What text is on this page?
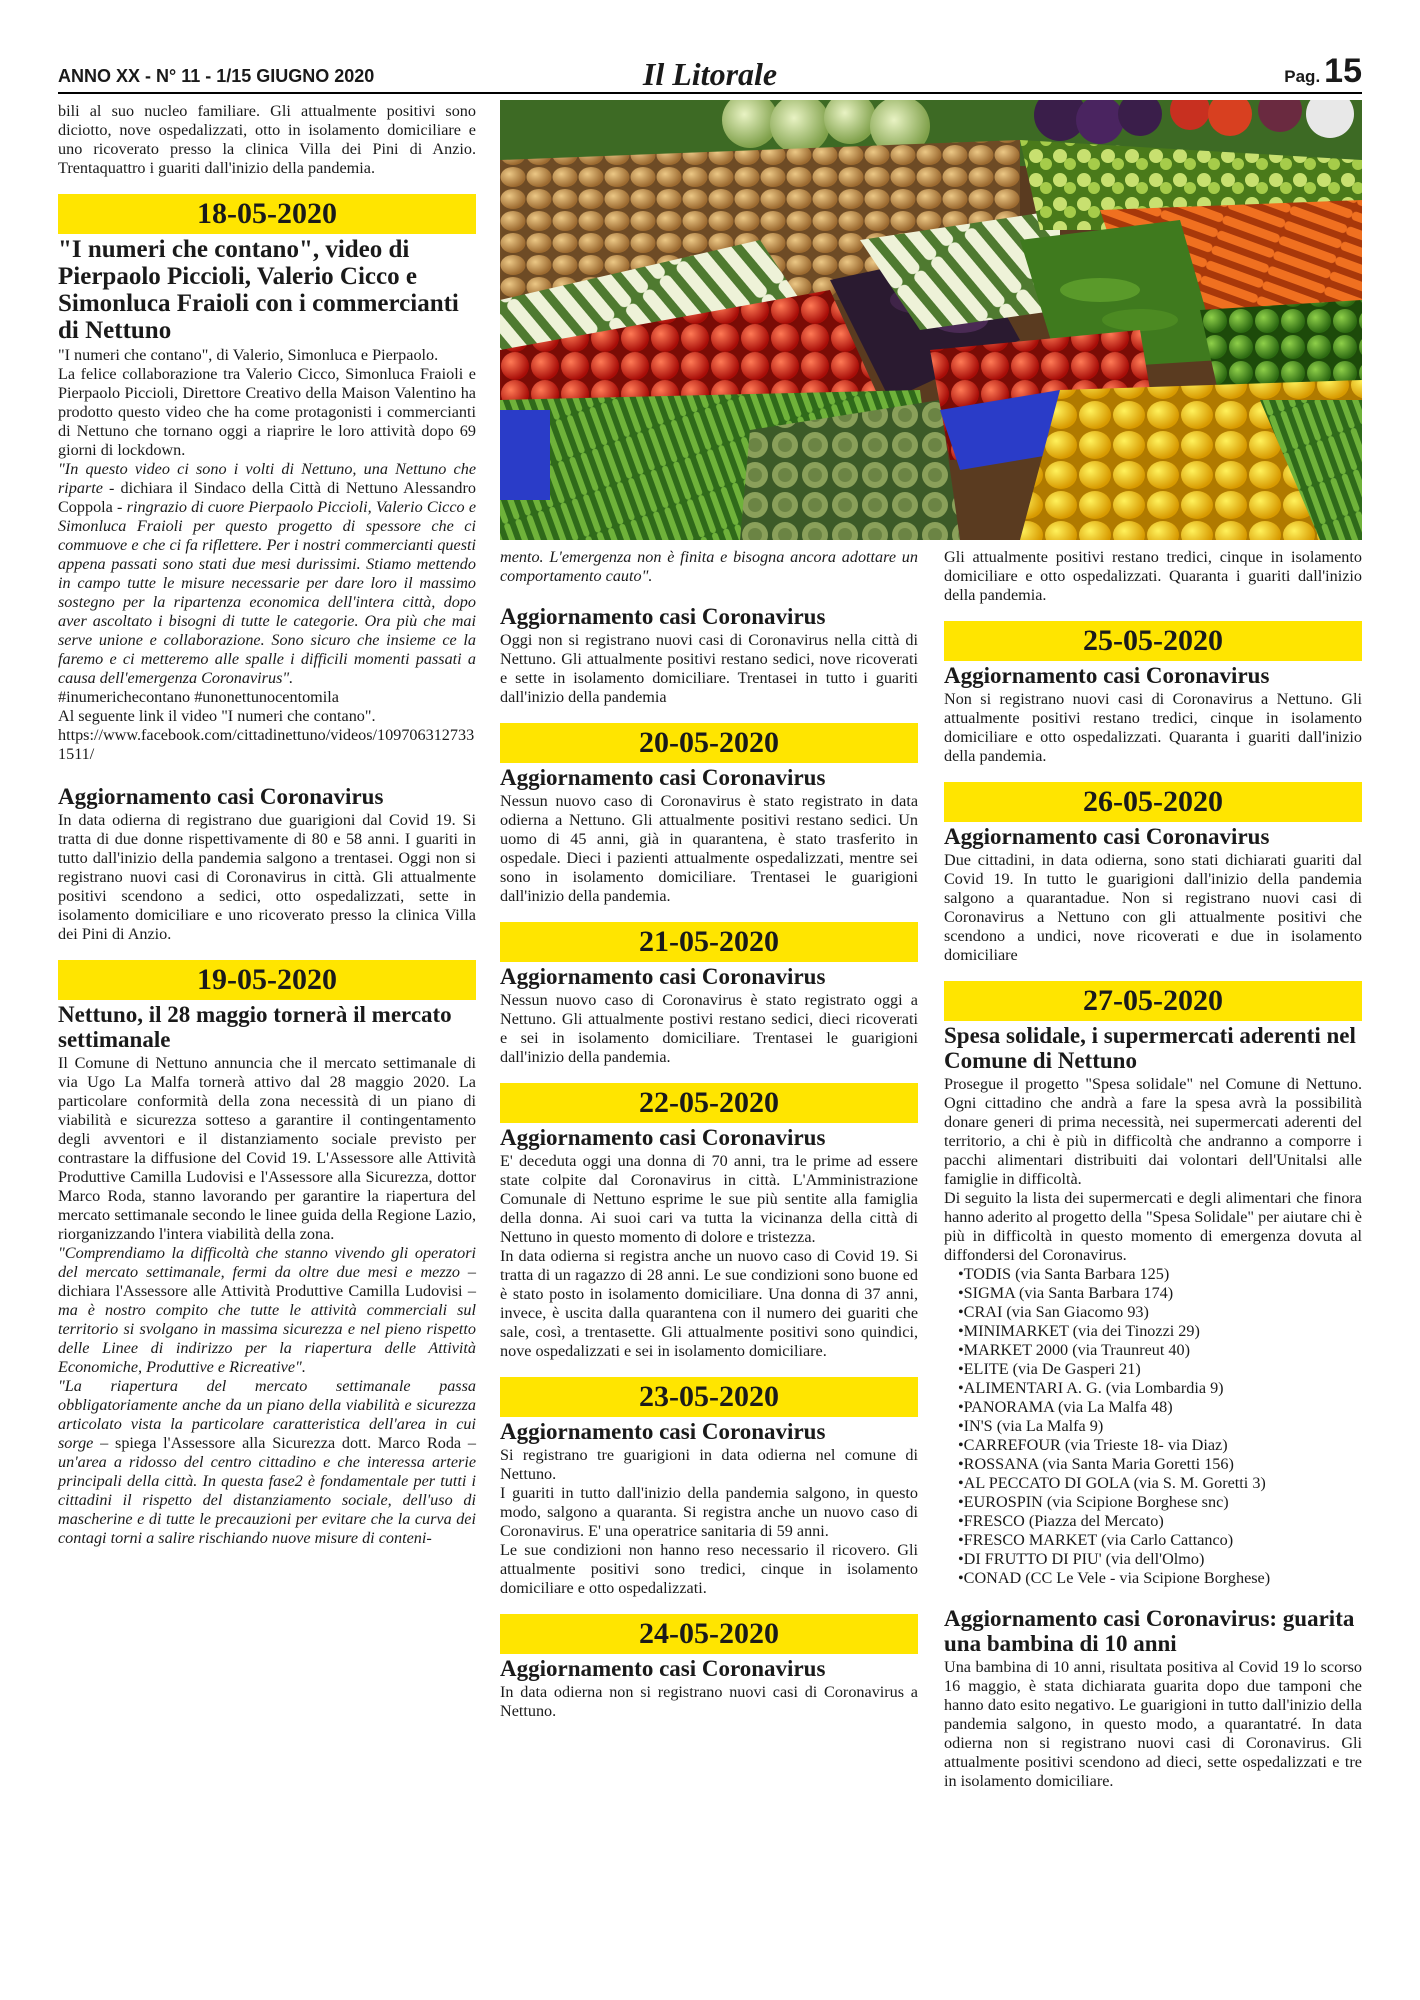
ANNO XX - N° 11 - 1/15 GIUGNO 2020	Il Litorale	Pag. 15

bili al suo nucleo familiare. Gli attualmente positivi sono diciotto, nove ospedalizzati, otto in isolamento domiciliare e uno ricoverato presso la clinica Villa dei Pini di Anzio. Trentaquattro i guariti dall'inizio della pandemia.

18-05-2020
"I numeri che contano", video di Pierpaolo Piccioli, Valerio Cicco e Simonluca Fraioli con i commercianti di Nettuno

"I numeri che contano", di Valerio, Simonluca e Pierpaolo.

La felice collaborazione tra Valerio Cicco, Simonluca Fraioli e Pierpaolo Piccioli, Direttore Creativo della Maison Valentino ha prodotto questo video che ha come protagonisti i commercianti di Nettuno che tornano oggi a riaprire le loro attività dopo 69 giorni di lockdown.

"In questo video ci sono i volti di Nettuno, una Nettuno che riparte - dichiara il Sindaco della Città di Nettuno Alessandro Coppola - ringrazio di cuore Pierpaolo Piccioli, Valerio Cicco e Simonluca Fraioli per questo progetto di spessore che ci commuove e che ci fa riflettere. Per i nostri commercianti questi appena passati sono stati due mesi durissimi. Stiamo mettendo in campo tutte le misure necessarie per dare loro il massimo sostegno per la ripartenza economica dell'intera città, dopo aver ascoltato i bisogni di tutte le categorie. Ora più che mai serve unione e collaborazione. Sono sicuro che insieme ce la faremo e ci metteremo alle spalle i difficili momenti passati a causa dell'emergenza Coronavirus".

#inumerichecontano #unonettunocentomila

Al seguente link il video "I numeri che contano".

https://www.facebook.com/cittadinettuno/videos/1097063127331511/

Aggiornamento casi Coronavirus

In data odierna di registrano due guarigioni dal Covid 19. Si tratta di due donne rispettivamente di 80 e 58 anni. I guariti in tutto dall'inizio della pandemia salgono a trentasei. Oggi non si registrano nuovi casi di Coronavirus in città. Gli attualmente positivi scendono a sedici, otto ospedalizzati, sette in isolamento domiciliare e uno ricoverato presso la clinica Villa dei Pini di Anzio.

19-05-2020
Nettuno, il 28 maggio tornerà il mercato settimanale

Il Comune di Nettuno annuncia che il mercato settimanale di via Ugo La Malfa tornerà attivo dal 28 maggio 2020. La particolare conformità della zona necessità di un piano di viabilità e sicurezza sotteso a garantire il contingentamento degli avventori e il distanziamento sociale previsto per contrastare la diffusione del Covid 19. L'Assessore alle Attività Produttive Camilla Ludovisi e l'Assessore alla Sicurezza, dottor Marco Roda, stanno lavorando per garantire la riapertura del mercato settimanale secondo le linee guida della Regione Lazio, riorganizzando l'intera viabilità della zona.

"Comprendiamo la difficoltà che stanno vivendo gli operatori del mercato settimanale, fermi da oltre due mesi e mezzo – dichiara l'Assessore alle Attività Produttive Camilla Ludovisi – ma è nostro compito che tutte le attività commerciali sul territorio si svolgano in massima sicurezza e nel pieno rispetto delle Linee di indirizzo per la riapertura delle Attività Economiche, Produttive e Ricreative".

"La riapertura del mercato settimanale passa obbligatoriamente anche da un piano della viabilità e sicurezza articolato vista la particolare caratteristica dell'area in cui sorge – spiega l'Assessore alla Sicurezza dott. Marco Roda – un'area a ridosso del centro cittadino e che interessa arterie principali della città. In questa fase2 è fondamentale per tutti i cittadini il rispetto del distanziamento sociale, dell'uso di mascherine e di tutte le precauzioni per evitare che la curva dei contagi torni a salire rischiando nuove misure di conteni-

mento. L'emergenza non è finita e bisogna ancora adottare un comportamento cauto".

Aggiornamento casi Coronavirus

Oggi non si registrano nuovi casi di Coronavirus nella città di Nettuno. Gli attualmente positivi restano sedici, nove ricoverati e sette in isolamento domiciliare. Trentasei in tutto i guariti dall'inizio della pandemia

20-05-2020
Aggiornamento casi Coronavirus

Nessun nuovo caso di Coronavirus è stato registrato in data odierna a Nettuno. Gli attualmente positivi restano sedici. Un uomo di 45 anni, già in quarantena, è stato trasferito in ospedale. Dieci i pazienti attualmente ospedalizzati, mentre sei sono in isolamento domiciliare. Trentasei le guarigioni dall'inizio della pandemia.

21-05-2020
Aggiornamento casi Coronavirus

Nessun nuovo caso di Coronavirus è stato registrato oggi a Nettuno. Gli attualmente postivi restano sedici, dieci ricoverati e sei in isolamento domiciliare. Trentasei le guarigioni dall'inizio della pandemia.

22-05-2020
Aggiornamento casi Coronavirus

E' deceduta oggi una donna di 70 anni, tra le prime ad essere state colpite dal Coronavirus in città. L'Amministrazione Comunale di Nettuno esprime le sue più sentite alla famiglia della donna. Ai suoi cari va tutta la vicinanza della città di Nettuno in questo momento di dolore e tristezza.

In data odierna si registra anche un nuovo caso di Covid 19. Si tratta di un ragazzo di 28 anni. Le sue condizioni sono buone ed è stato posto in isolamento domiciliare. Una donna di 37 anni, invece, è uscita dalla quarantena con il numero dei guariti che sale, così, a trentasette. Gli attualmente positivi sono quindici, nove ospedalizzati e sei in isolamento domiciliare.

23-05-2020
Aggiornamento casi Coronavirus

Si registrano tre guarigioni in data odierna nel comune di Nettuno.

I guariti in tutto dall'inizio della pandemia salgono, in questo modo, salgono a quaranta. Si registra anche un nuovo caso di Coronavirus. E' una operatrice sanitaria di 59 anni.

Le sue condizioni non hanno reso necessario il ricovero. Gli attualmente positivi sono tredici, cinque in isolamento domiciliare e otto ospedalizzati.

24-05-2020
Aggiornamento casi Coronavirus

In data odierna non si registrano nuovi casi di Coronavirus a Nettuno.

Gli attualmente positivi restano tredici, cinque in isolamento domiciliare e otto ospedalizzati. Quaranta i guariti dall'inizio della pandemia.

25-05-2020
Aggiornamento casi Coronavirus

Non si registrano nuovi casi di Coronavirus a Nettuno. Gli attualmente positivi restano tredici, cinque in isolamento domiciliare e otto ospedalizzati. Quaranta i guariti dall'inizio della pandemia.

26-05-2020
Aggiornamento casi Coronavirus

Due cittadini, in data odierna, sono stati dichiarati guariti dal Covid 19. In tutto le guarigioni dall'inizio della pandemia salgono a quarantadue. Non si registrano nuovi casi di Coronavirus a Nettuno con gli attualmente positivi che scendono a undici, nove ricoverati e due in isolamento domiciliare

27-05-2020
Spesa solidale, i supermercati aderenti nel Comune di Nettuno

Prosegue il progetto "Spesa solidale" nel Comune di Nettuno. Ogni cittadino che andrà a fare la spesa avrà la possibilità donare generi di prima necessità, nei supermercati aderenti del territorio, a chi è più in difficoltà che andranno a comporre i pacchi alimentari distribuiti dai volontari dell'Unitalsi alle famiglie in difficoltà.

Di seguito la lista dei supermercati e degli alimentari che finora hanno aderito al progetto della "Spesa Solidale" per aiutare chi è più in difficoltà in questo momento di emergenza dovuta al diffondersi del Coronavirus.

• TODIS (via Santa Barbara 125)
• SIGMA (via Santa Barbara 174)
• CRAI (via San Giacomo 93)
• MINIMARKET (via dei Tinozzi 29)
• MARKET 2000 (via Traunreut 40)
• ELITE (via De Gasperi 21)
• ALIMENTARI A. G. (via Lombardia 9)
• PANORAMA (via La Malfa 48)
• IN'S (via La Malfa 9)
• CARREFOUR (via Trieste 18- via Diaz)
• ROSSANA (via Santa Maria Goretti 156)
• AL PECCATO DI GOLA (via S. M. Goretti 3)
• EUROSPIN (via Scipione Borghese snc)
• FRESCO (Piazza del Mercato)
• FRESCO MARKET (via Carlo Cattanco)
• DI FRUTTO DI PIU' (via dell'Olmo)
• CONAD (CC Le Vele - via Scipione Borghese)
Aggiornamento casi Coronavirus: guarita una bambina di 10 anni

Una bambina di 10 anni, risultata positiva al Covid 19 lo scorso 16 maggio, è stata dichiarata guarita dopo due tamponi che hanno dato esito negativo. Le guarigioni in tutto dall'inizio della pandemia salgono, in questo modo, a quarantatré. In data odierna non si registrano nuovi casi di Coronavirus. Gli attualmente positivi scendono ad dieci, sette ospedalizzati e tre in isolamento domiciliare.
